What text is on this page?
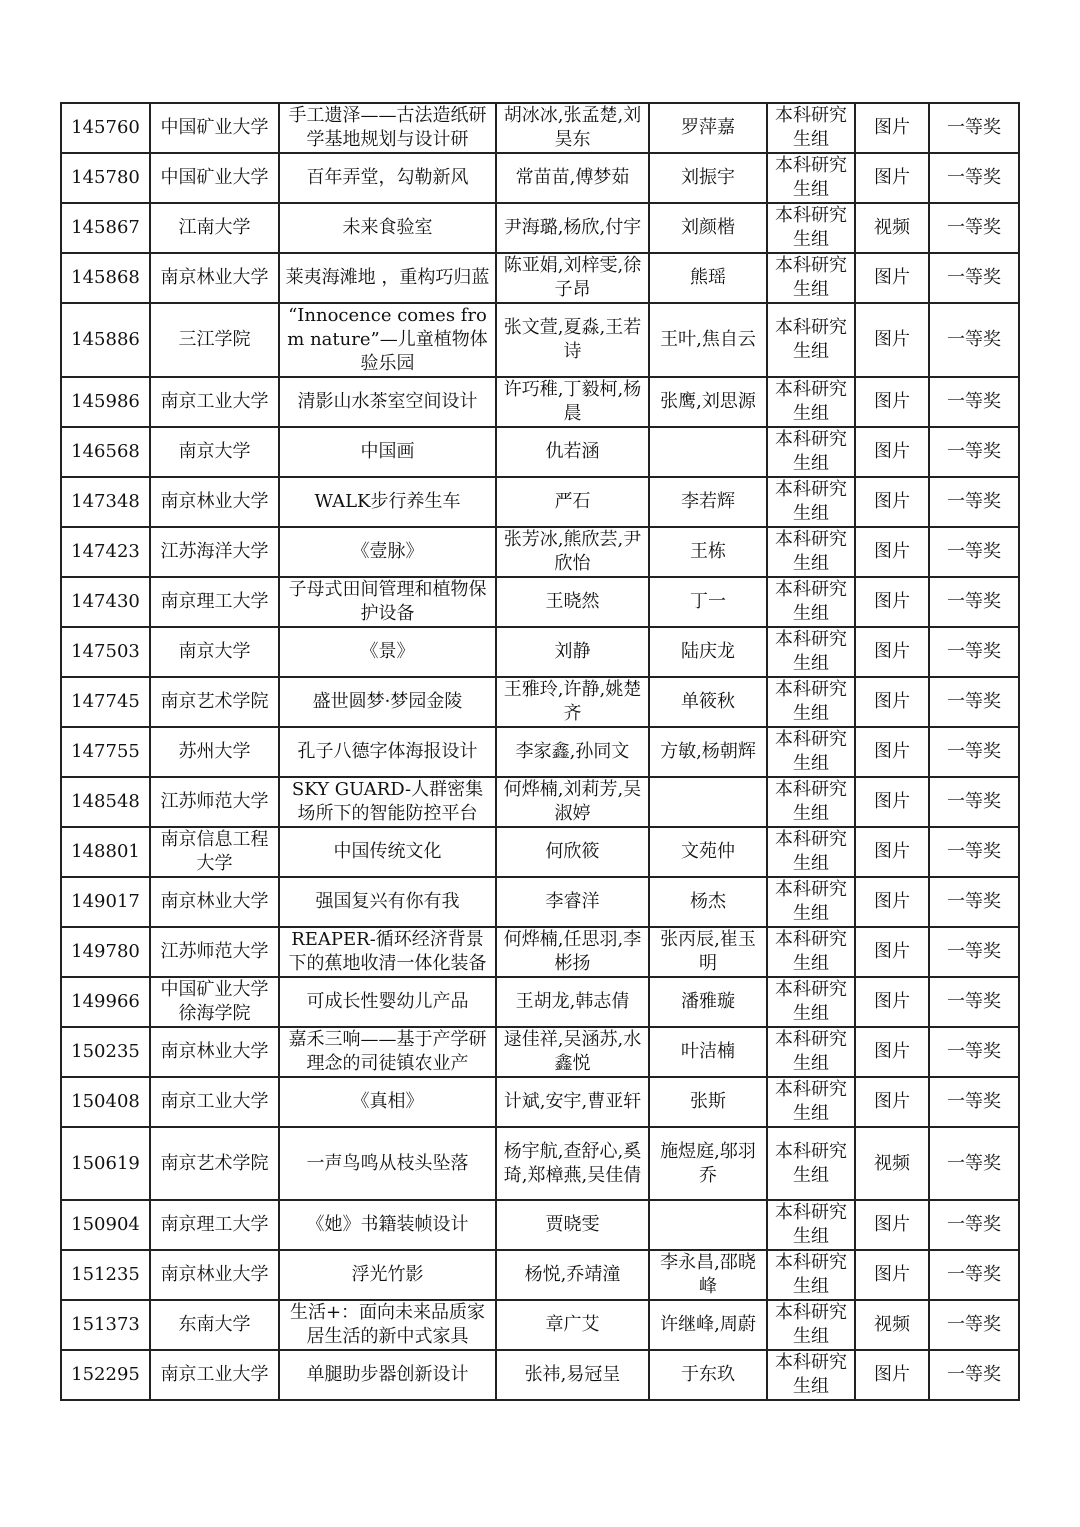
145760	中国矿业大学	手工遗泽——古法造纸研学基地规划与设计研	胡冰冰,张孟楚,刘昊东	罗萍嘉	本科研究生组	图片	一等奖
145780	中国矿业大学	百年弄堂，勾勒新风	常苗苗,傅梦茹	刘振宇	本科研究生组	图片	一等奖
145867	江南大学	未来食验室	尹海璐,杨欣,付宇	刘颜楷	本科研究生组	视频	一等奖
145868	南京林业大学	莱夷海滩地 ，重构巧归蓝	陈亚娟,刘梓雯,徐子昂	熊瑶	本科研究生组	图片	一等奖
145886	三江学院	“Innocence comes from nature”—儿童植物体验乐园	张文萱,夏淼,王若诗	王叶,焦自云	本科研究生组	图片	一等奖
145986	南京工业大学	清影山水茶室空间设计	许巧稚,丁毅柯,杨晨	张鹰,刘思源	本科研究生组	图片	一等奖
146568	南京大学	中国画	仇若涵		本科研究生组	图片	一等奖
147348	南京林业大学	WALK步行养生车	严石	李若辉	本科研究生组	图片	一等奖
147423	江苏海洋大学	《壹脉》	张芳冰,熊欣芸,尹欣怡	王栋	本科研究生组	图片	一等奖
147430	南京理工大学	子母式田间管理和植物保护设备	王晓然	丁一	本科研究生组	图片	一等奖
147503	南京大学	《景》	刘静	陆庆龙	本科研究生组	图片	一等奖
147745	南京艺术学院	盛世圆梦·梦园金陵	王雅玲,许静,姚楚齐	单筱秋	本科研究生组	图片	一等奖
147755	苏州大学	孔子八德字体海报设计	李家鑫,孙同文	方敏,杨朝辉	本科研究生组	图片	一等奖
148548	江苏师范大学	SKY GUARD-人群密集场所下的智能防控平台	何烨楠,刘莉芳,吴淑婷		本科研究生组	图片	一等奖
148801	南京信息工程大学	中国传统文化	何欣筱	文苑仲	本科研究生组	图片	一等奖
149017	南京林业大学	强国复兴有你有我	李睿洋	杨杰	本科研究生组	图片	一等奖
149780	江苏师范大学	REAPER-循环经济背景下的蕉地收清一体化装备	何烨楠,任思羽,李彬扬	张丙辰,崔玉明	本科研究生组	图片	一等奖
149966	中国矿业大学徐海学院	可成长性婴幼儿产品	王胡龙,韩志倩	潘雅璇	本科研究生组	图片	一等奖
150235	南京林业大学	嘉禾三响——基于产学研理念的司徒镇农业产	逯佳祥,吴涵苏,水鑫悦	叶洁楠	本科研究生组	图片	一等奖
150408	南京工业大学	《真相》	计斌,安宇,曹亚轩	张斯	本科研究生组	图片	一等奖
150619	南京艺术学院	一声鸟鸣从枝头坠落	杨宇航,查舒心,奚琦,郑樟燕,吴佳倩	施煜庭,邬羽乔	本科研究生组	视频	一等奖
150904	南京理工大学	《她》书籍装帧设计	贾晓雯		本科研究生组	图片	一等奖
151235	南京林业大学	浮光竹影	杨悦,乔靖潼	李永昌,邵晓峰	本科研究生组	图片	一等奖
151373	东南大学	生活+：面向未来品质家居生活的新中式家具	章广艾	许继峰,周蔚	本科研究生组	视频	一等奖
152295	南京工业大学	单腿助步器创新设计	张祎,易冠呈	于东玖	本科研究生组	图片	一等奖
